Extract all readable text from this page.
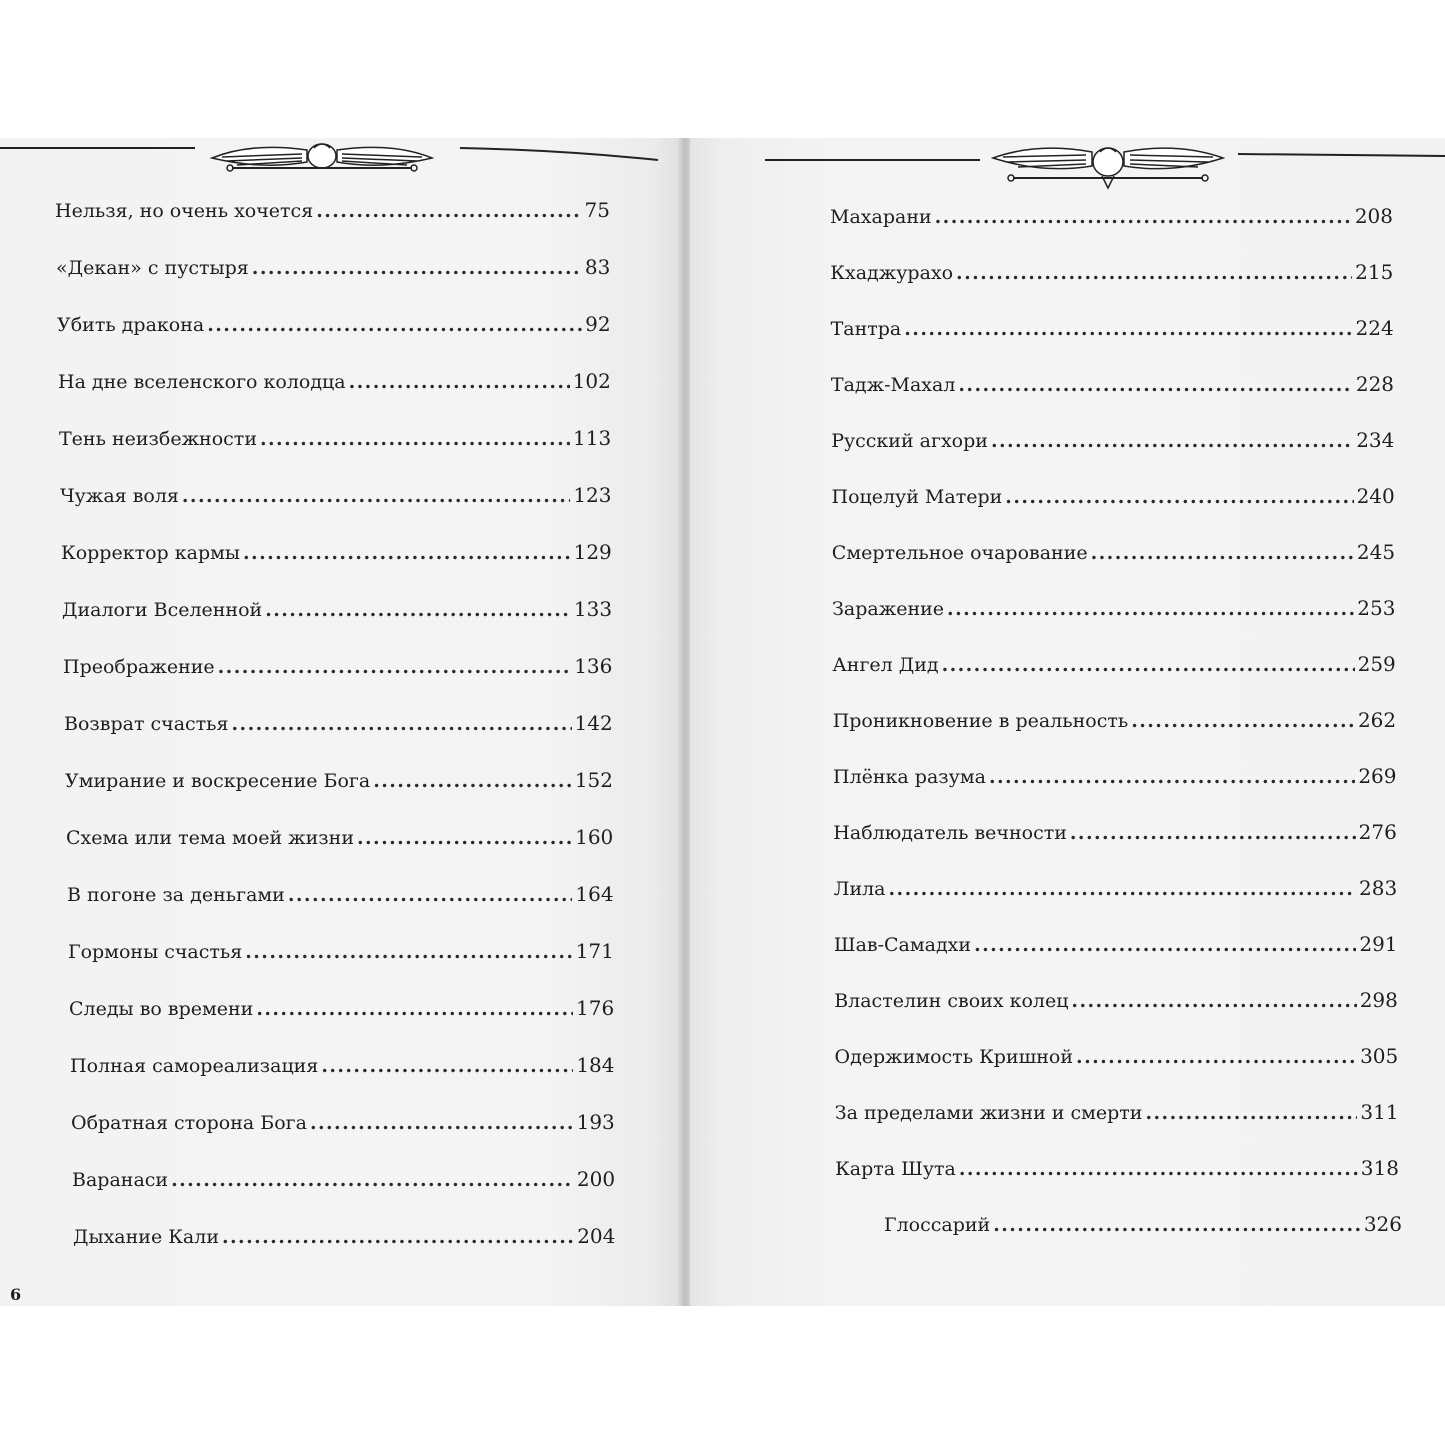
Нельзя, но очень хочется . . .	75
«Декан» с пустыря . . .	83
Убить дракона . . .	92
На дне вселенского колодца . . .	102
Тень неизбежности . . .	113
Чужая воля . . .	123
Корректор кармы . . .	129
Диалоги Вселенной . . .	133
Преображение . . .	136
Возврат счастья . . .	142
Умирание и воскресение Бога . . .	152
Схема или тема моей жизни . . .	160
В погоне за деньгами . . .	164
Гормоны счастья . . .	171
Следы во времени . . .	176
Полная самореализация . . .	184
Обратная сторона Бога . . .	193
Варанаси . . .	200
Дыхание Кали . . .	204
6
Махарани . . .	208
Кхаджурахо . . .	215
Тантра . . .	224
Тадж-Махал . . .	228
Русский агхори . . .	234
Поцелуй Матери . . .	240
Смертельное очарование . . .	245
Заражение . . .	253
Ангел Дид . . .	259
Проникновение в реальность . . .	262
Плёнка разума . . .	269
Наблюдатель вечности . . .	276
Лила . . .	283
Шав-Самадхи . . .	291
Властелин своих колец . . .	298
Одержимость Кришной . . .	305
За пределами жизни и смерти . . .	311
Карта Шута . . .	318
Глоссарий . . .	326
